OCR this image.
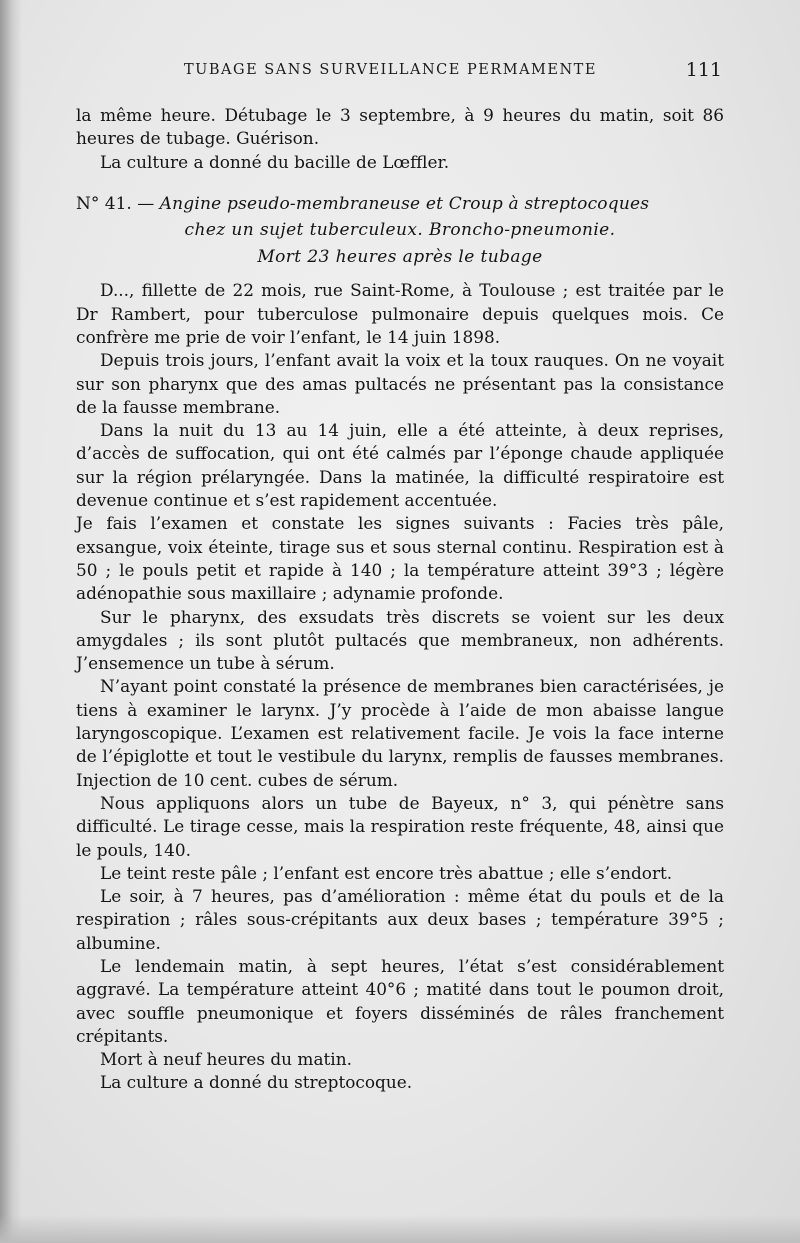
TUBAGE SANS SURVEILLANCE PERMAMENTE	111

la même heure. Détubage le 3 septembre, à 9 heures du matin, soit 86 heures de tubage. Guérison.

La culture a donné du bacille de Lœffler.

N° 41. — Angine pseudo-membraneuse et Croup à streptocoques
chez un sujet tuberculeux. Broncho-pneumonie.
Mort 23 heures après le tubage

D..., fillette de 22 mois, rue Saint-Rome, à Toulouse ; est traitée par le Dr Rambert, pour tuberculose pulmonaire depuis quelques mois. Ce confrère me prie de voir l’enfant, le 14 juin 1898.

Depuis trois jours, l’enfant avait la voix et la toux rauques. On ne voyait sur son pharynx que des amas pultacés ne présentant pas la consistance de la fausse membrane.

Dans la nuit du 13 au 14 juin, elle a été atteinte, à deux reprises, d’accès de suffocation, qui ont été calmés par l’éponge chaude appliquée sur la région prélaryngée. Dans la matinée, la difficulté respiratoire est devenue continue et s’est rapidement accentuée.

Je fais l’examen et constate les signes suivants : Facies très pâle, exsangue, voix éteinte, tirage sus et sous sternal continu. Respiration est à 50 ; le pouls petit et rapide à 140 ; la température atteint 39°3 ; légère adénopathie sous maxillaire ; adynamie profonde.

Sur le pharynx, des exsudats très discrets se voient sur les deux amygdales ; ils sont plutôt pultacés que membraneux, non adhérents. J’ensemence un tube à sérum.

N’ayant point constaté la présence de membranes bien caractérisées, je tiens à examiner le larynx. J’y procède à l’aide de mon abaisse langue laryngoscopique. L’examen est relativement facile. Je vois la face interne de l’épiglotte et tout le vestibule du larynx, remplis de fausses membranes. Injection de 10 cent. cubes de sérum.

Nous appliquons alors un tube de Bayeux, n° 3, qui pénètre sans difficulté. Le tirage cesse, mais la respiration reste fréquente, 48, ainsi que le pouls, 140.

Le teint reste pâle ; l’enfant est encore très abattue ; elle s’endort.

Le soir, à 7 heures, pas d’amélioration : même état du pouls et de la respiration ; râles sous-crépitants aux deux bases ; température 39°5 ; albumine.

Le lendemain matin, à sept heures, l’état s’est considérablement aggravé. La température atteint 40°6 ; matité dans tout le poumon droit, avec souffle pneumonique et foyers disséminés de râles franchement crépitants.

Mort à neuf heures du matin.

La culture a donné du streptocoque.
